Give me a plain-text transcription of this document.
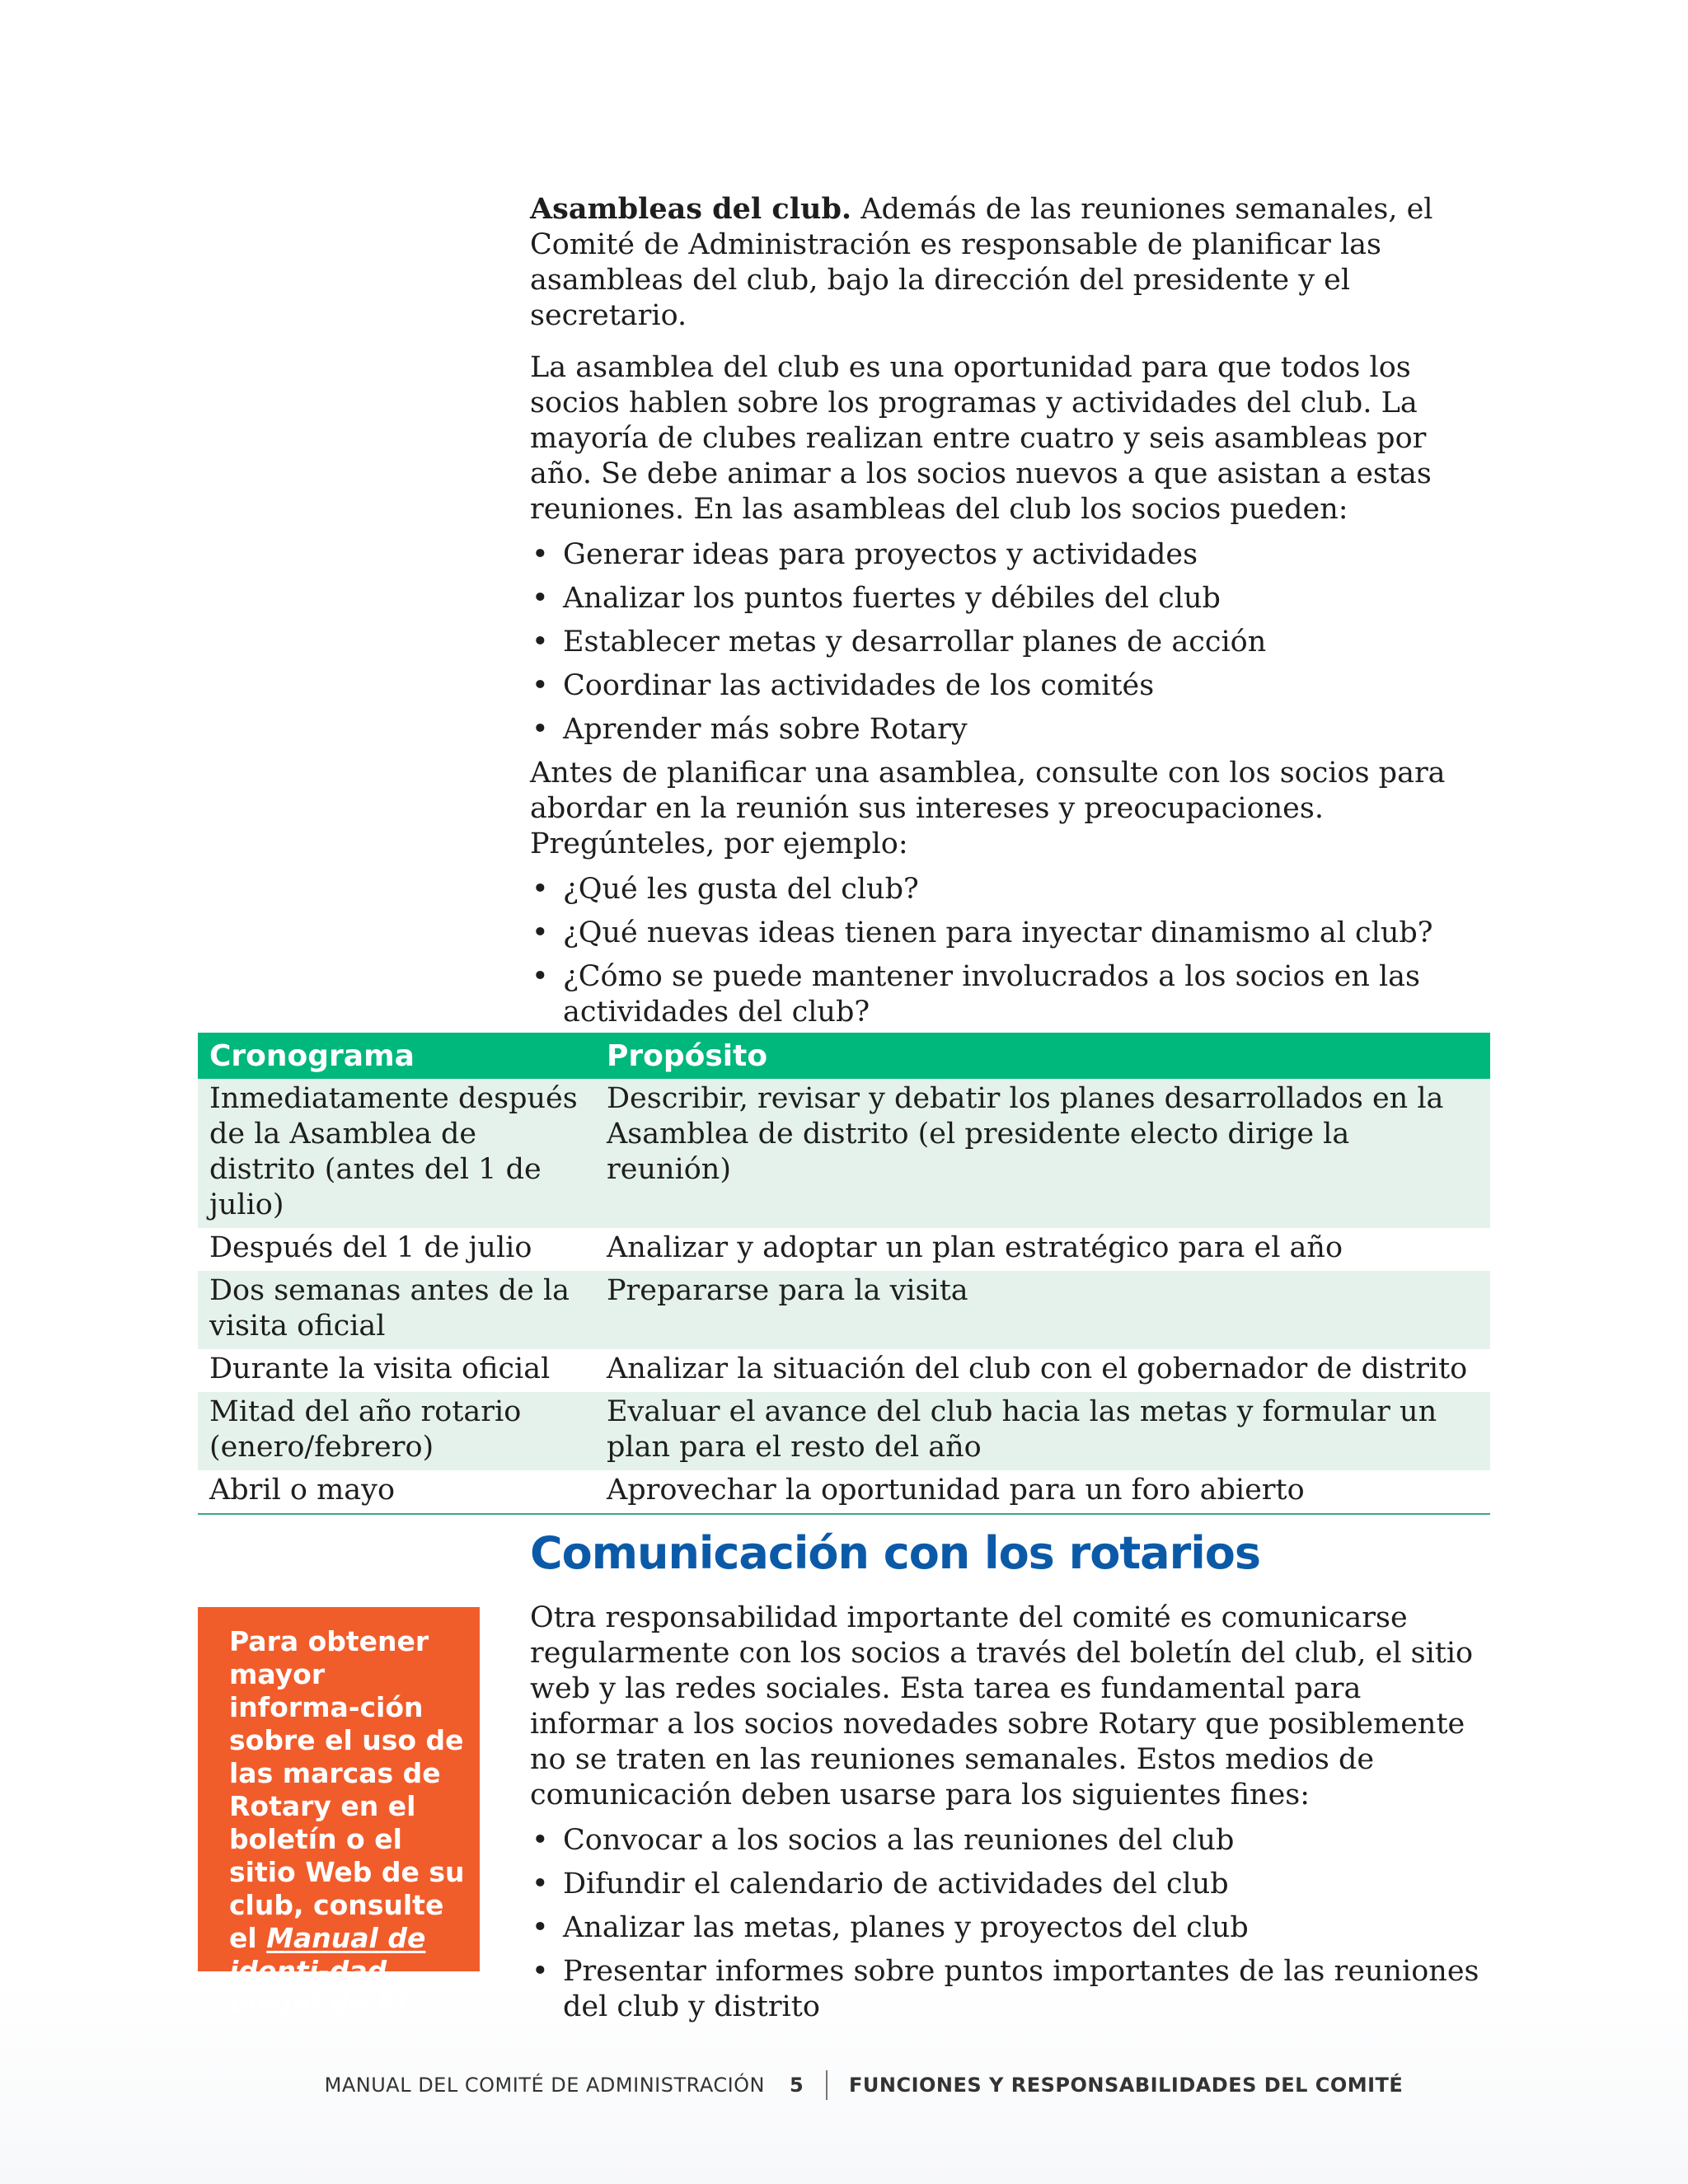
Asambleas del club. Además de las reuniones semanales, el Comité de Administración es responsable de planificar las asambleas del club, bajo la dirección del presidente y el secretario.

La asamblea del club es una oportunidad para que todos los socios hablen sobre los programas y actividades del club. La mayoría de clubes realizan entre cuatro y seis asambleas por año. Se debe animar a los socios nuevos a que asistan a estas reuniones. En las asambleas del club los socios pueden:

• Generar ideas para proyectos y actividades
• Analizar los puntos fuertes y débiles del club
• Establecer metas y desarrollar planes de acción
• Coordinar las actividades de los comités
• Aprender más sobre Rotary

Antes de planificar una asamblea, consulte con los socios para abordar en la reunión sus intereses y preocupaciones. Pregúnteles, por ejemplo:

• ¿Qué les gusta del club?
• ¿Qué nuevas ideas tienen para inyectar dinamismo al club?
• ¿Cómo se puede mantener involucrados a los socios en las actividades del club?
Cronograma	Propósito
Inmediatamente después de la Asamblea de distrito (antes del 1 de julio)	Describir, revisar y debatir los planes desarrollados en la Asamblea de distrito (el presidente electo dirige la reunión)
Después del 1 de julio	Analizar y adoptar un plan estratégico para el año
Dos semanas antes de la visita oficial	Prepararse para la visita
Durante la visita oficial	Analizar la situación del club con el gobernador de distrito
Mitad del año rotario (enero/febrero)	Evaluar el avance del club hacia las metas y formular un plan para el resto del año
Abril o mayo	Aprovechar la oportunidad para un foro abierto
Comunicación con los rotarios
Para obtener mayor informa-ción sobre el uso de las marcas de Rotary en el boletín o el sitio Web de su club, consulte el Manual de identi-dad visual de RI.

Otra responsabilidad importante del comité es comunicarse regularmente con los socios a través del boletín del club, el sitio web y las redes sociales. Esta tarea es fundamental para informar a los socios novedades sobre Rotary que posiblemente no se traten en las reuniones semanales. Estos medios de comunicación deben usarse para los siguientes fines:

• Convocar a los socios a las reuniones del club
• Difundir el calendario de actividades del club
• Analizar las metas, planes y proyectos del club
• Presentar informes sobre puntos importantes de las reuniones del club y distrito
MANUAL DEL COMITÉ DE ADMINISTRACIÓN 5 FUNCIONES Y RESPONSABILIDADES DEL COMITÉ
